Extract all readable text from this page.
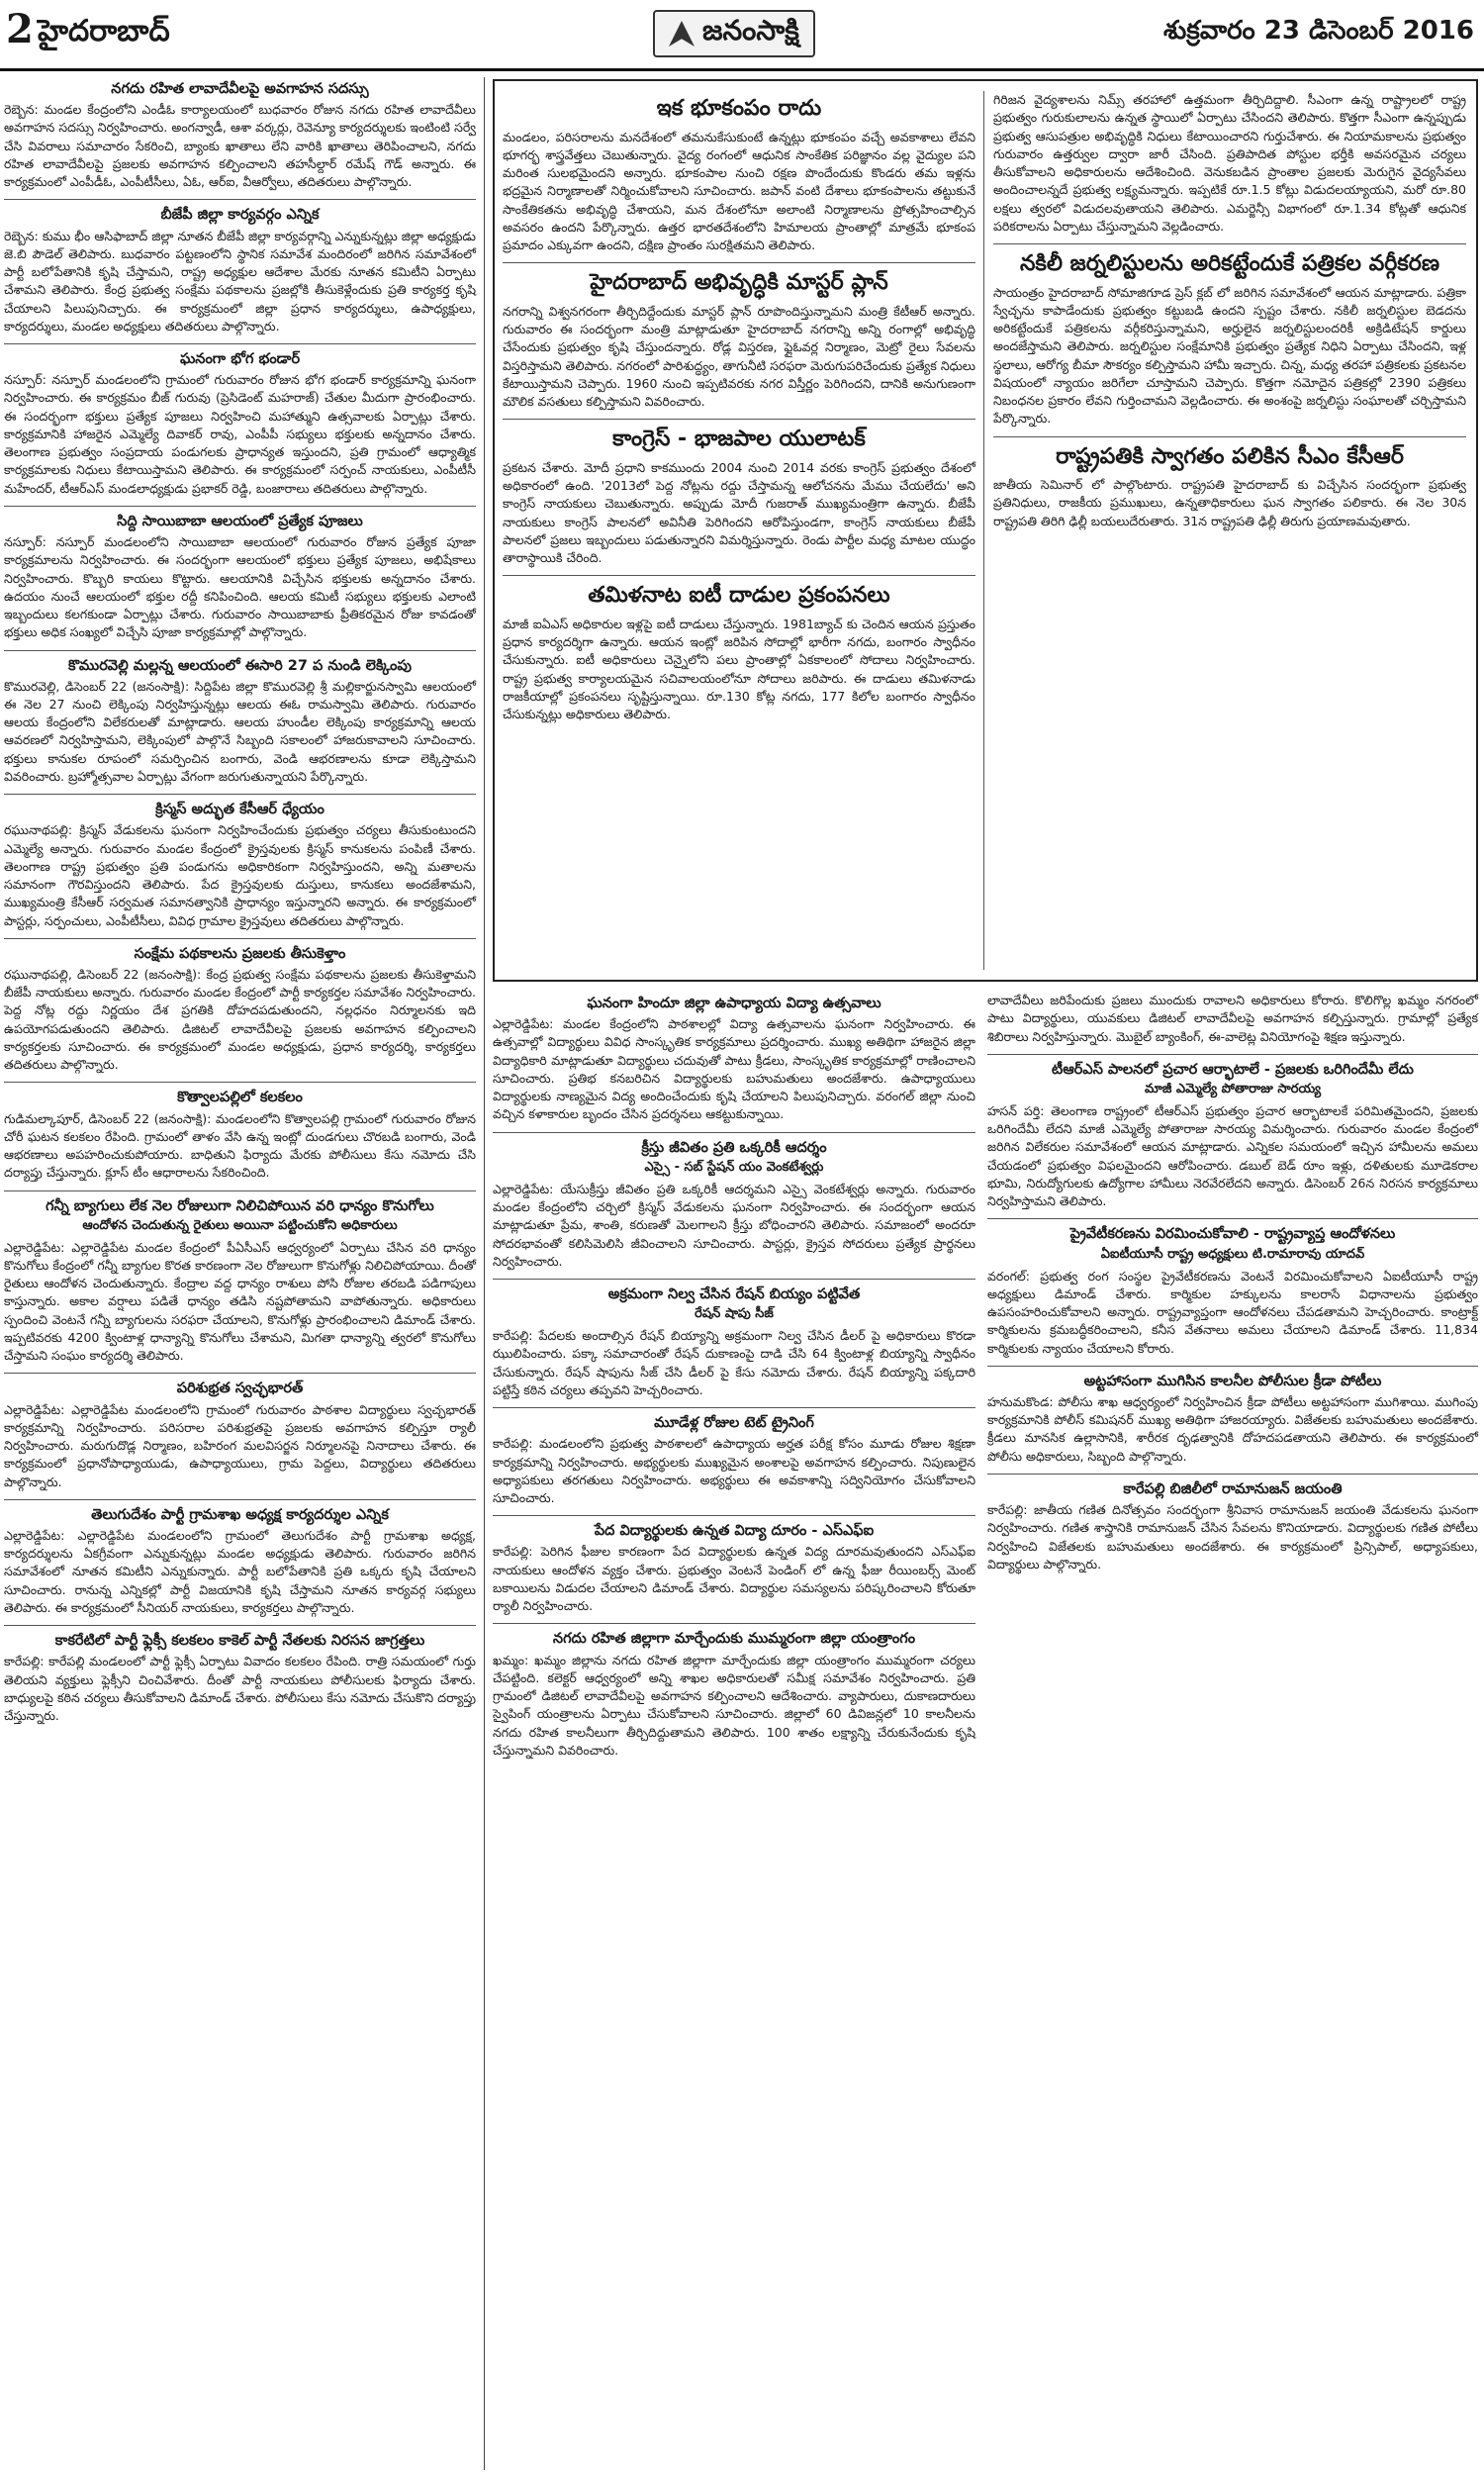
2 హైదరాబాద్	జనంసాక్షి	శుక్రవారం 23 డిసెంబర్ 2016
నగదు రహిత లావాదేవీలపై అవగాహన సదస్సు

రెబ్బెన: మండల కేంద్రంలోని ఎండీఓ కార్యాలయంలో బుధవారం రోజున నగదు రహిత లావాదేవీలు అవగాహన సదస్సు నిర్వహించారు. అంగన్వాడీ, ఆశా వర్కర్లు, రెవెన్యూ కార్యదర్శులకు ఇంటింటి సర్వే చేసి వివరాలు సమాచారం సేకరించి, బ్యాంకు ఖాతాలు లేని వారికి ఖాతాలు తెరిపించాలని, నగదు రహిత లావాదేవీలపై ప్రజలకు అవగాహన కల్పించాలని తహసీల్దార్ రమేష్ గౌడ్ అన్నారు. ఈ కార్యక్రమంలో ఎంపీడీఓ, ఎంపీటీసీలు, ఏఓ, ఆర్ఐ, వీఆర్వోలు, తదితరులు పాల్గొన్నారు.

బీజేపీ జిల్లా కార్యవర్గం ఎన్నిక

రెబ్బెన: కుము భీం ఆసిఫాబాద్ జిల్లా నూతన బీజేపీ జిల్లా కార్యవర్గాన్ని ఎన్నుకున్నట్లు జిల్లా అధ్యక్షుడు జె.బి పౌడెల్ తెలిపారు. బుధవారం పట్టణంలోని స్థానిక సమావేశ మందిరంలో జరిగిన సమావేశంలో పార్టీ బలోపేతానికి కృషి చేస్తామని, రాష్ట్ర అధ్యక్షుల ఆదేశాల మేరకు నూతన కమిటీని ఏర్పాటు చేశామని తెలిపారు. కేంద్ర ప్రభుత్వ సంక్షేమ పథకాలను ప్రజల్లోకి తీసుకెళ్లేందుకు ప్రతి కార్యకర్త కృషి చేయాలని పిలుపునిచ్చారు. ఈ కార్యక్రమంలో జిల్లా ప్రధాన కార్యదర్శులు, ఉపాధ్యక్షులు, కార్యదర్శులు, మండల అధ్యక్షులు తదితరులు పాల్గొన్నారు.

ఘనంగా భోగ భండార్

నస్పూర్: నస్పూర్ మండలంలోని గ్రామంలో గురువారం రోజున భోగ భండార్ కార్యక్రమాన్ని ఘనంగా నిర్వహించారు. ఈ కార్యక్రమం బీజ్ గురువు (ప్రెసిడెంట్ మహరాజ్) చేతుల మీదుగా ప్రారంభించారు. ఈ సందర్భంగా భక్తులు ప్రత్యేక పూజలు నిర్వహించి మహాత్ముని ఉత్సవాలకు ఏర్పాట్లు చేశారు. కార్యక్రమానికి హాజరైన ఎమ్మెల్యే దివాకర్ రావు, ఎంపీపీ సభ్యులు భక్తులకు అన్నదానం చేశారు. తెలంగాణ ప్రభుత్వం సంప్రదాయ పండుగలకు ప్రాధాన్యత ఇస్తుందని, ప్రతి గ్రామంలో ఆధ్యాత్మిక కార్యక్రమాలకు నిధులు కేటాయిస్తామని తెలిపారు. ఈ కార్యక్రమంలో సర్పంచ్ నాయకులు, ఎంపీటీసీ మహేందర్, టీఆర్ఎస్ మండలాధ్యక్షుడు ప్రభాకర్ రెడ్డి, బంజారాలు తదితరులు పాల్గొన్నారు.

సిద్ది సాయిబాబా ఆలయంలో ప్రత్యేక పూజలు

నస్పూర్: నస్పూర్ మండలంలోని సాయిబాబా ఆలయంలో గురువారం రోజున ప్రత్యేక పూజా కార్యక్రమాలను నిర్వహించారు. ఈ సందర్భంగా ఆలయంలో భక్తులు ప్రత్యేక పూజలు, అభిషేకాలు నిర్వహించారు. కొబ్బరి కాయలు కొట్టారు. ఆలయానికి విచ్చేసిన భక్తులకు అన్నదానం చేశారు. ఉదయం నుంచే ఆలయంలో భక్తుల రద్దీ కనిపించింది. ఆలయ కమిటీ సభ్యులు భక్తులకు ఎలాంటి ఇబ్బందులు కలగకుండా ఏర్పాట్లు చేశారు. గురువారం సాయిబాబాకు ప్రీతికరమైన రోజు కావడంతో భక్తులు అధిక సంఖ్యలో విచ్చేసి పూజా కార్యక్రమాల్లో పాల్గొన్నారు.

కొమురవెల్లి మల్లన్న ఆలయంలో ఈసారి 27 ప నుండి లెక్కింపు

కొమురవెల్లి, డిసెంబర్ 22 (జనంసాక్షి): సిద్దిపేట జిల్లా కొమురవెల్లి శ్రీ మల్లికార్జునస్వామి ఆలయంలో ఈ నెల 27 నుంచి లెక్కింపు నిర్వహిస్తున్నట్లు ఆలయ ఈఓ రామస్వామి తెలిపారు. గురువారం ఆలయ కేంద్రంలోని విలేకరులతో మాట్లాడారు. ఆలయ హుండీల లెక్కింపు కార్యక్రమాన్ని ఆలయ ఆవరణలో నిర్వహిస్తామని, లెక్కింపులో పాల్గొనే సిబ్బంది సకాలంలో హాజరుకావాలని సూచించారు. భక్తులు కానుకల రూపంలో సమర్పించిన బంగారు, వెండి ఆభరణాలను కూడా లెక్కిస్తామని వివరించారు. బ్రహ్మోత్సవాల ఏర్పాట్లు వేగంగా జరుగుతున్నాయని పేర్కొన్నారు.

క్రిస్మస్ అద్భుత కేసీఆర్ ధ్యేయం

రఘునాథపల్లి: క్రిస్మస్ వేడుకలను ఘనంగా నిర్వహించేందుకు ప్రభుత్వం చర్యలు తీసుకుంటుందని ఎమ్మెల్యే అన్నారు. గురువారం మండల కేంద్రంలో క్రైస్తవులకు క్రిస్మస్ కానుకలను పంపిణీ చేశారు. తెలంగాణ రాష్ట్ర ప్రభుత్వం ప్రతి పండుగను అధికారికంగా నిర్వహిస్తుందని, అన్ని మతాలను సమానంగా గౌరవిస్తుందని తెలిపారు. పేద క్రైస్తవులకు దుస్తులు, కానుకలు అందజేశామని, ముఖ్యమంత్రి కేసీఆర్ సర్వమత సమానత్వానికి ప్రాధాన్యం ఇస్తున్నారని అన్నారు. ఈ కార్యక్రమంలో పాస్టర్లు, సర్పంచులు, ఎంపీటీసీలు, వివిధ గ్రామాల క్రైస్తవులు తదితరులు పాల్గొన్నారు.

సంక్షేమ పథకాలను ప్రజలకు తీసుకెళ్తాం

రఘునాథపల్లి, డిసెంబర్ 22 (జనంసాక్షి): కేంద్ర ప్రభుత్వ సంక్షేమ పథకాలను ప్రజలకు తీసుకెళ్తామని బీజేపీ నాయకులు అన్నారు. గురువారం మండల కేంద్రంలో పార్టీ కార్యకర్తల సమావేశం నిర్వహించారు. పెద్ద నోట్ల రద్దు నిర్ణయం దేశ ప్రగతికి దోహదపడుతుందని, నల్లధనం నిర్మూలనకు ఇది ఉపయోగపడుతుందని తెలిపారు. డిజిటల్ లావాదేవీలపై ప్రజలకు అవగాహన కల్పించాలని కార్యకర్తలకు సూచించారు. ఈ కార్యక్రమంలో మండల అధ్యక్షుడు, ప్రధాన కార్యదర్శి, కార్యకర్తలు తదితరులు పాల్గొన్నారు.

కొత్వాలపల్లిలో కలకలం

గుడిమల్కాపూర్, డిసెంబర్ 22 (జనంసాక్షి): మండలంలోని కొత్వాలపల్లి గ్రామంలో గురువారం రోజున చోరీ ఘటన కలకలం రేపింది. గ్రామంలో తాళం వేసి ఉన్న ఇంట్లో దుండగులు చొరబడి బంగారు, వెండి ఆభరణాలు అపహరించుకుపోయారు. బాధితుని ఫిర్యాదు మేరకు పోలీసులు కేసు నమోదు చేసి దర్యాప్తు చేస్తున్నారు. క్లూస్ టీం ఆధారాలను సేకరించింది.

గన్నీ బ్యాగులు లేక నెల రోజులుగా నిలిచిపోయిన వరి ధాన్యం కొనుగోలు
ఆందోళన చెందుతున్న రైతులు అయినా పట్టించుకోని అధికారులు

ఎల్లారెడ్డిపేట: ఎల్లారెడ్డిపేట మండల కేంద్రంలో పీఏసీఎస్ ఆధ్వర్యంలో ఏర్పాటు చేసిన వరి ధాన్యం కొనుగోలు కేంద్రంలో గన్నీ బ్యాగుల కొరత కారణంగా నెల రోజులుగా కొనుగోళ్లు నిలిచిపోయాయి. దీంతో రైతులు ఆందోళన చెందుతున్నారు. కేంద్రాల వద్ద ధాన్యం రాశులు పోసి రోజుల తరబడి పడిగాపులు కాస్తున్నారు. అకాల వర్షాలు పడితే ధాన్యం తడిసి నష్టపోతామని వాపోతున్నారు. అధికారులు స్పందించి వెంటనే గన్నీ బ్యాగులను సరఫరా చేయాలని, కొనుగోళ్లు ప్రారంభించాలని డిమాండ్ చేశారు. ఇప్పటివరకు 4200 క్వింటాళ్ల ధాన్యాన్ని కొనుగోలు చేశామని, మిగతా ధాన్యాన్ని త్వరలో కొనుగోలు చేస్తామని సంఘం కార్యదర్శి తెలిపారు.

పరిశుభ్రత స్వచ్ఛభారత్

ఎల్లారెడ్డిపేట: ఎల్లారెడ్డిపేట మండలంలోని గ్రామంలో గురువారం పాఠశాల విద్యార్థులు స్వచ్ఛభారత్ కార్యక్రమాన్ని నిర్వహించారు. పరిసరాల పరిశుభ్రతపై ప్రజలకు అవగాహన కల్పిస్తూ ర్యాలీ నిర్వహించారు. మరుగుదొడ్ల నిర్మాణం, బహిరంగ మలవిసర్జన నిర్మూలనపై నినాదాలు చేశారు. ఈ కార్యక్రమంలో ప్రధానోపాధ్యాయుడు, ఉపాధ్యాయులు, గ్రామ పెద్దలు, విద్యార్థులు తదితరులు పాల్గొన్నారు.

తెలుగుదేశం పార్టీ గ్రామశాఖ అధ్యక్ష కార్యదర్శుల ఎన్నిక

ఎల్లారెడ్డిపేట: ఎల్లారెడ్డిపేట మండలంలోని గ్రామంలో తెలుగుదేశం పార్టీ గ్రామశాఖ అధ్యక్ష, కార్యదర్శులను ఏకగ్రీవంగా ఎన్నుకున్నట్లు మండల అధ్యక్షుడు తెలిపారు. గురువారం జరిగిన సమావేశంలో నూతన కమిటీని ఎన్నుకున్నారు. పార్టీ బలోపేతానికి ప్రతి ఒక్కరు కృషి చేయాలని సూచించారు. రానున్న ఎన్నికల్లో పార్టీ విజయానికి కృషి చేస్తామని నూతన కార్యవర్గ సభ్యులు తెలిపారు. ఈ కార్యక్రమంలో సీనియర్ నాయకులు, కార్యకర్తలు పాల్గొన్నారు.

కాకరేటిలో పార్టీ ఫ్లెక్సీ కలకలం కాకెల్ పార్టీ నేతలకు నిరసన జాగ్రత్తలు

కారేపల్లి: కారేపల్లి మండలంలో పార్టీ ఫ్లెక్సీ ఏర్పాటు వివాదం కలకలం రేపింది. రాత్రి సమయంలో గుర్తు తెలియని వ్యక్తులు ఫ్లెక్సీని చించివేశారు. దీంతో పార్టీ నాయకులు పోలీసులకు ఫిర్యాదు చేశారు. బాధ్యులపై కఠిన చర్యలు తీసుకోవాలని డిమాండ్ చేశారు. పోలీసులు కేసు నమోదు చేసుకొని దర్యాప్తు చేస్తున్నారు.

ఇక భూకంపం రాదు

మండలం, పరిసరాలను మనదేశంలో తమనుకేసుకుంటే ఉన్నట్లు భూకంపం వచ్చే అవకాశాలు లేవని భూగర్భ శాస్త్రవేత్తలు చెబుతున్నారు. వైద్య రంగంలో ఆధునిక సాంకేతిక పరిజ్ఞానం వల్ల వైద్యుల పని మరింత సులభమైందని అన్నారు. భూకంపాల నుంచి రక్షణ పొందేందుకు కొండరు తమ ఇళ్లను భద్రమైన నిర్మాణాలతో నిర్మించుకోవాలని సూచించారు. జపాన్ వంటి దేశాలు భూకంపాలను తట్టుకునే సాంకేతికతను అభివృద్ధి చేశాయని, మన దేశంలోనూ అలాంటి నిర్మాణాలను ప్రోత్సహించాల్సిన అవసరం ఉందని పేర్కొన్నారు. ఉత్తర భారతదేశంలోని హిమాలయ ప్రాంతాల్లో మాత్రమే భూకంప ప్రమాదం ఎక్కువగా ఉందని, దక్షిణ ప్రాంతం సురక్షితమని తెలిపారు.

హైదరాబాద్ అభివృద్ధికి మాస్టర్ ప్లాన్

నగరాన్ని విశ్వనగరంగా తీర్చిదిద్దేందుకు మాస్టర్ ప్లాన్ రూపొందిస్తున్నామని మంత్రి కేటీఆర్ అన్నారు. గురువారం ఈ సందర్భంగా మంత్రి మాట్లాడుతూ హైదరాబాద్ నగరాన్ని అన్ని రంగాల్లో అభివృద్ధి చేసేందుకు ప్రభుత్వం కృషి చేస్తుందన్నారు. రోడ్ల విస్తరణ, ఫ్లైఓవర్ల నిర్మాణం, మెట్రో రైలు సేవలను విస్తరిస్తామని తెలిపారు. నగరంలో పారిశుద్ధ్యం, తాగునీటి సరఫరా మెరుగుపరిచేందుకు ప్రత్యేక నిధులు కేటాయిస్తామని చెప్పారు. 1960 నుంచి ఇప్పటివరకు నగర విస్తీర్ణం పెరిగిందని, దానికి అనుగుణంగా మౌలిక వసతులు కల్పిస్తామని వివరించారు.

కాంగ్రెస్ - భాజపాల యులాటక్

ప్రకటన చేశారు. మోదీ ప్రధాని కాకముందు 2004 నుంచి 2014 వరకు కాంగ్రెస్ ప్రభుత్వం దేశంలో అధికారంలో ఉంది. '2013లో పెద్ద నోట్లను రద్దు చేస్తామన్న ఆలోచనను మేము చేయలేదు' అని కాంగ్రెస్ నాయకులు చెబుతున్నారు. అప్పుడు మోదీ గుజరాత్ ముఖ్యమంత్రిగా ఉన్నారు. బీజేపీ నాయకులు కాంగ్రెస్ పాలనలో అవినీతి పెరిగిందని ఆరోపిస్తుండగా, కాంగ్రెస్ నాయకులు బీజేపీ పాలనలో ప్రజలు ఇబ్బందులు పడుతున్నారని విమర్శిస్తున్నారు. రెండు పార్టీల మధ్య మాటల యుద్ధం తారాస్థాయికి చేరింది.

తమిళనాట ఐటీ దాడుల ప్రకంపనలు

మాజీ ఐఏఎస్ అధికారుల ఇళ్లపై ఐటీ దాడులు చేస్తున్నారు. 1981బ్యాచ్ కు చెందిన ఆయన ప్రస్తుతం ప్రధాన కార్యదర్శిగా ఉన్నారు. ఆయన ఇంట్లో జరిపిన సోదాల్లో భారీగా నగదు, బంగారం స్వాధీనం చేసుకున్నారు. ఐటీ అధికారులు చెన్నైలోని పలు ప్రాంతాల్లో ఏకకాలంలో సోదాలు నిర్వహించారు. రాష్ట్ర ప్రభుత్వ కార్యాలయమైన సచివాలయంలోనూ సోదాలు జరిపారు. ఈ దాడులు తమిళనాడు రాజకీయాల్లో ప్రకంపనలు సృష్టిస్తున్నాయి. రూ.130 కోట్ల నగదు, 177 కిలోల బంగారం స్వాధీనం చేసుకున్నట్లు అధికారులు తెలిపారు.

గిరిజన వైద్యశాలను నిమ్స్ తరహాలో ఉత్తమంగా తీర్చిదిద్దాలి. సీఎంగా ఉన్న రాష్ట్రాలలో రాష్ట్ర ప్రభుత్వం గురుకులాలను ఉన్నత స్థాయిలో ఏర్పాటు చేసిందని తెలిపారు. కొత్తగా సీఎంగా ఉన్నప్పుడు ప్రభుత్వ ఆసుపత్రుల అభివృద్ధికి నిధులు కేటాయించారని గుర్తుచేశారు. ఈ నియామకాలను ప్రభుత్వం గురువారం ఉత్తర్వుల ద్వారా జారీ చేసింది. ప్రతిపాదిత పోస్టుల భర్తీకి అవసరమైన చర్యలు తీసుకోవాలని అధికారులను ఆదేశించింది. వెనుకబడిన ప్రాంతాల ప్రజలకు మెరుగైన వైద్యసేవలు అందించాలన్నదే ప్రభుత్వ లక్ష్యమన్నారు. ఇప్పటికే రూ.1.5 కోట్లు విడుదలయ్యాయని, మరో రూ.80 లక్షలు త్వరలో విడుదలవుతాయని తెలిపారు. ఎమర్జెన్సీ విభాగంలో రూ.1.34 కోట్లతో ఆధునిక పరికరాలను ఏర్పాటు చేస్తున్నామని వెల్లడించారు.

నకిలీ జర్నలిస్టులను అరికట్టేందుకే పత్రికల వర్గీకరణ

సాయంత్రం హైదరాబాద్ సోమాజిగూడ ప్రెస్ క్లబ్ లో జరిగిన సమావేశంలో ఆయన మాట్లాడారు. పత్రికా స్వేచ్ఛను కాపాడేందుకు ప్రభుత్వం కట్టుబడి ఉందని స్పష్టం చేశారు. నకిలీ జర్నలిస్టుల బెడదను అరికట్టేందుకే పత్రికలను వర్గీకరిస్తున్నామని, అర్హులైన జర్నలిస్టులందరికీ అక్రిడిటేషన్ కార్డులు అందజేస్తామని తెలిపారు. జర్నలిస్టుల సంక్షేమానికి ప్రభుత్వం ప్రత్యేక నిధిని ఏర్పాటు చేసిందని, ఇళ్ల స్థలాలు, ఆరోగ్య బీమా సౌకర్యం కల్పిస్తామని హామీ ఇచ్చారు. చిన్న, మధ్య తరహా పత్రికలకు ప్రకటనల విషయంలో న్యాయం జరిగేలా చూస్తామని చెప్పారు. కొత్తగా నమోదైన పత్రికల్లో 2390 పత్రికలు నిబంధనల ప్రకారం లేవని గుర్తించామని వెల్లడించారు. ఈ అంశంపై జర్నలిస్టు సంఘాలతో చర్చిస్తామని పేర్కొన్నారు.

రాష్ట్రపతికి స్వాగతం పలికిన సీఎం కేసీఆర్

జాతీయ సెమినార్ లో పాల్గొంటారు. రాష్ట్రపతి హైదరాబాద్ కు విచ్చేసిన సందర్భంగా ప్రభుత్వ ప్రతినిధులు, రాజకీయ ప్రముఖులు, ఉన్నతాధికారులు ఘన స్వాగతం పలికారు. ఈ నెల 30న రాష్ట్రపతి తిరిగి ఢిల్లీ బయలుదేరుతారు. 31న రాష్ట్రపతి ఢిల్లీ తిరుగు ప్రయాణమవుతారు.

ఘనంగా హిందూ జిల్లా ఉపాధ్యాయ విద్యా ఉత్సవాలు

ఎల్లారెడ్డిపేట: మండల కేంద్రంలోని పాఠశాలల్లో విద్యా ఉత్సవాలను ఘనంగా నిర్వహించారు. ఈ ఉత్సవాల్లో విద్యార్థులు వివిధ సాంస్కృతిక కార్యక్రమాలు ప్రదర్శించారు. ముఖ్య అతిథిగా హాజరైన జిల్లా విద్యాధికారి మాట్లాడుతూ విద్యార్థులు చదువుతో పాటు క్రీడలు, సాంస్కృతిక కార్యక్రమాల్లో రాణించాలని సూచించారు. ప్రతిభ కనబరిచిన విద్యార్థులకు బహుమతులు అందజేశారు. ఉపాధ్యాయులు విద్యార్థులకు నాణ్యమైన విద్య అందించేందుకు కృషి చేయాలని పిలుపునిచ్చారు. వరంగల్ జిల్లా నుంచి వచ్చిన కళాకారుల బృందం చేసిన ప్రదర్శనలు ఆకట్టుకున్నాయి.

క్రీస్తు జీవితం ప్రతి ఒక్కరికీ ఆదర్శం
ఎస్సై - సబ్ స్టేషన్ యం వెంకటేశ్వర్లు

ఎల్లారెడ్డిపేట: యేసుక్రీస్తు జీవితం ప్రతి ఒక్కరికీ ఆదర్శమని ఎస్సై వెంకటేశ్వర్లు అన్నారు. గురువారం మండల కేంద్రంలోని చర్చిలో క్రిస్మస్ వేడుకలను ఘనంగా నిర్వహించారు. ఈ సందర్భంగా ఆయన మాట్లాడుతూ ప్రేమ, శాంతి, కరుణతో మెలగాలని క్రీస్తు బోధించారని తెలిపారు. సమాజంలో అందరూ సోదరభావంతో కలిసిమెలిసి జీవించాలని సూచించారు. పాస్టర్లు, క్రైస్తవ సోదరులు ప్రత్యేక ప్రార్థనలు నిర్వహించారు.

అక్రమంగా నిల్వ చేసిన రేషన్ బియ్యం పట్టివేత
రేషన్ షాపు సీజ్

కారేపల్లి: పేదలకు అందాల్సిన రేషన్ బియ్యాన్ని అక్రమంగా నిల్వ చేసిన డీలర్ పై అధికారులు కొరడా ఝులిపించారు. పక్కా సమాచారంతో రేషన్ దుకాణంపై దాడి చేసి 64 క్వింటాళ్ల బియ్యాన్ని స్వాధీనం చేసుకున్నారు. రేషన్ షాపును సీజ్ చేసి డీలర్ పై కేసు నమోదు చేశారు. రేషన్ బియ్యాన్ని పక్కదారి పట్టిస్తే కఠిన చర్యలు తప్పవని హెచ్చరించారు.

మూడేళ్ల రోజుల టెట్ ట్రైనింగ్

కారేపల్లి: మండలంలోని ప్రభుత్వ పాఠశాలలో ఉపాధ్యాయ అర్హత పరీక్ష కోసం మూడు రోజుల శిక్షణా కార్యక్రమాన్ని నిర్వహించారు. అభ్యర్థులకు ముఖ్యమైన అంశాలపై అవగాహన కల్పించారు. నిపుణులైన అధ్యాపకులు తరగతులు నిర్వహించారు. అభ్యర్థులు ఈ అవకాశాన్ని సద్వినియోగం చేసుకోవాలని సూచించారు.

పేద విద్యార్థులకు ఉన్నత విద్యా దూరం - ఎస్ఎఫ్ఐ

కారేపల్లి: పెరిగిన ఫీజుల కారణంగా పేద విద్యార్థులకు ఉన్నత విద్య దూరమవుతుందని ఎస్ఎఫ్ఐ నాయకులు ఆందోళన వ్యక్తం చేశారు. ప్రభుత్వం వెంటనే పెండింగ్ లో ఉన్న ఫీజు రీయింబర్స్ మెంట్ బకాయిలను విడుదల చేయాలని డిమాండ్ చేశారు. విద్యార్థుల సమస్యలను పరిష్కరించాలని కోరుతూ ర్యాలీ నిర్వహించారు.

నగదు రహిత జిల్లాగా మార్చేందుకు ముమ్మరంగా జిల్లా యంత్రాంగం

ఖమ్మం: ఖమ్మం జిల్లాను నగదు రహిత జిల్లాగా మార్చేందుకు జిల్లా యంత్రాంగం ముమ్మరంగా చర్యలు చేపట్టింది. కలెక్టర్ ఆధ్వర్యంలో అన్ని శాఖల అధికారులతో సమీక్ష సమావేశం నిర్వహించారు. ప్రతి గ్రామంలో డిజిటల్ లావాదేవీలపై అవగాహన కల్పించాలని ఆదేశించారు. వ్యాపారులు, దుకాణదారులు స్వైపింగ్ యంత్రాలను ఏర్పాటు చేసుకోవాలని సూచించారు. జిల్లాలో 60 డివిజన్లలో 10 కాలనీలను నగదు రహిత కాలనీలుగా తీర్చిదిద్దుతామని తెలిపారు. 100 శాతం లక్ష్యాన్ని చేరుకునేందుకు కృషి చేస్తున్నామని వివరించారు.

లావాదేవీలు జరిపేందుకు ప్రజలు ముందుకు రావాలని అధికారులు కోరారు. కొలిగొల్ల ఖమ్మం నగరంలో పాటు విద్యార్థులు, యువకులు డిజిటల్ లావాదేవీలపై అవగాహన కల్పిస్తున్నారు. గ్రామాల్లో ప్రత్యేక శిబిరాలు నిర్వహిస్తున్నారు. మొబైల్ బ్యాంకింగ్, ఈ-వాలెట్ల వినియోగంపై శిక్షణ ఇస్తున్నారు.

టీఆర్ఎస్ పాలనలో ప్రచార ఆర్భాటాలే - ప్రజలకు ఒరిగిందేమీ లేదు
మాజీ ఎమ్మెల్యే పోతారాజు సారయ్య

హసన్ పర్తి: తెలంగాణ రాష్ట్రంలో టీఆర్ఎస్ ప్రభుత్వం ప్రచార ఆర్భాటాలకే పరిమితమైందని, ప్రజలకు ఒరిగిందేమీ లేదని మాజీ ఎమ్మెల్యే పోతారాజు సారయ్య విమర్శించారు. గురువారం మండల కేంద్రంలో జరిగిన విలేకరుల సమావేశంలో ఆయన మాట్లాడారు. ఎన్నికల సమయంలో ఇచ్చిన హామీలను అమలు చేయడంలో ప్రభుత్వం విఫలమైందని ఆరోపించారు. డబుల్ బెడ్ రూం ఇళ్లు, దళితులకు మూడెకరాల భూమి, నిరుద్యోగులకు ఉద్యోగాల హామీలు నెరవేరలేదని అన్నారు. డిసెంబర్ 26న నిరసన కార్యక్రమాలు నిర్వహిస్తామని తెలిపారు.

ప్రైవేటీకరణను విరమించుకోవాలి - రాష్ట్రవ్యాప్త ఆందోళనలు
ఏఐటీయూసీ రాష్ట్ర అధ్యక్షులు టి.రామారావు యాదవ్

వరంగల్: ప్రభుత్వ రంగ సంస్థల ప్రైవేటీకరణను వెంటనే విరమించుకోవాలని ఏఐటీయూసీ రాష్ట్ర అధ్యక్షులు డిమాండ్ చేశారు. కార్మికుల హక్కులను కాలరాసే విధానాలను ప్రభుత్వం ఉపసంహరించుకోవాలని అన్నారు. రాష్ట్రవ్యాప్తంగా ఆందోళనలు చేపడతామని హెచ్చరించారు. కాంట్రాక్ట్ కార్మికులను క్రమబద్ధీకరించాలని, కనీస వేతనాలు అమలు చేయాలని డిమాండ్ చేశారు. 11,834 కార్మికులకు న్యాయం చేయాలని కోరారు.

అట్టహాసంగా ముగిసిన కాలనీల పోలీసుల క్రీడా పోటీలు

హనుమకొండ: పోలీసు శాఖ ఆధ్వర్యంలో నిర్వహించిన క్రీడా పోటీలు అట్టహాసంగా ముగిశాయి. ముగింపు కార్యక్రమానికి పోలీస్ కమిషనర్ ముఖ్య అతిథిగా హాజరయ్యారు. విజేతలకు బహుమతులు అందజేశారు. క్రీడలు మానసిక ఉల్లాసానికి, శారీరక దృఢత్వానికి దోహదపడతాయని తెలిపారు. ఈ కార్యక్రమంలో పోలీసు అధికారులు, సిబ్బంది పాల్గొన్నారు.

కారేపల్లి బిజిలీలో రామానుజన్ జయంతి

కారేపల్లి: జాతీయ గణిత దినోత్సవం సందర్భంగా శ్రీనివాస రామానుజన్ జయంతి వేడుకలను ఘనంగా నిర్వహించారు. గణిత శాస్త్రానికి రామానుజన్ చేసిన సేవలను కొనియాడారు. విద్యార్థులకు గణిత పోటీలు నిర్వహించి విజేతలకు బహుమతులు అందజేశారు. ఈ కార్యక్రమంలో ప్రిన్సిపాల్, అధ్యాపకులు, విద్యార్థులు పాల్గొన్నారు.
